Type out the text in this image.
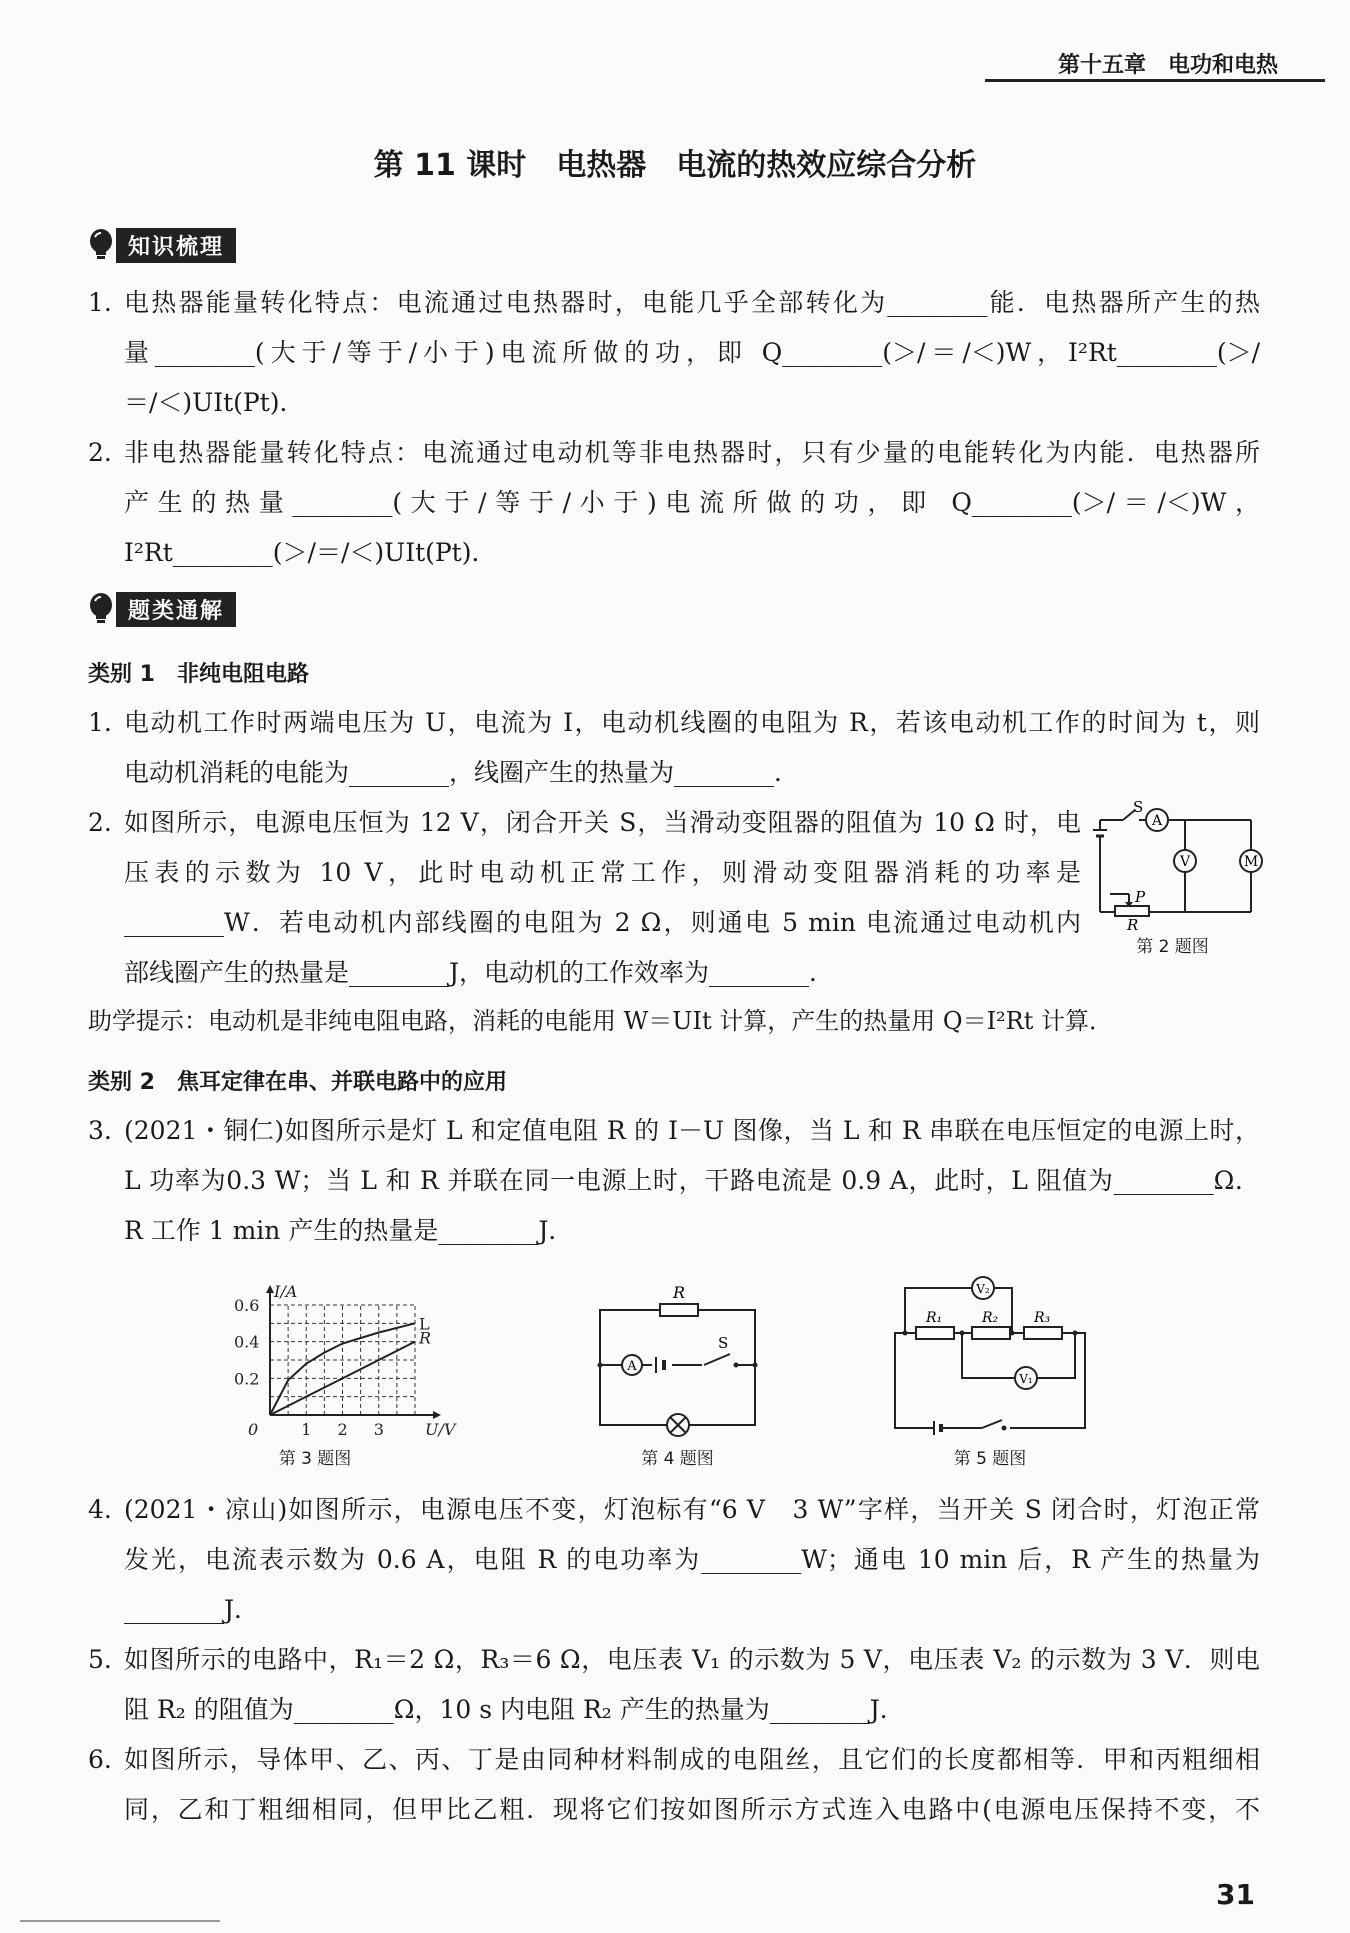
第十五章　电功和电热
第 11 课时　电热器　电流的热效应综合分析
知识梳理
1. 电热器能量转化特点：电流通过电热器时，电能几乎全部转化为________能．电热器所产生的热
量________(大于/等于/小于)电流所做的功，即 Q________(＞/＝/＜)W，I²Rt________(＞/
＝/＜)UIt(Pt)．
2. 非电热器能量转化特点：电流通过电动机等非电热器时，只有少量的电能转化为内能．电热器所
产生的热量________(大于/等于/小于)电流所做的功，即 Q________(＞/＝/＜)W，
I²Rt________(＞/＝/＜)UIt(Pt)．
题类通解
类别 1　非纯电阻电路
1. 电动机工作时两端电压为 U，电流为 I，电动机线圈的电阻为 R，若该电动机工作的时间为 t，则
电动机消耗的电能为________，线圈产生的热量为________．
2.
S
A
V	M
P
R
第 2 题图
如图所示，电源电压恒为 12 V，闭合开关 S，当滑动变阻器的阻值为 10 Ω 时，电
压表的示数为 10 V，此时电动机正常工作，则滑动变阻器消耗的功率是
________W．若电动机内部线圈的电阻为 2 Ω，则通电 5 min 电流通过电动机内
部线圈产生的热量是________J，电动机的工作效率为________．
助学提示：电动机是非纯电阻电路，消耗的电能用 W＝UIt 计算，产生的热量用 Q＝I²Rt 计算．
类别 2　焦耳定律在串、并联电路中的应用
3. (2021・铜仁)如图所示是灯 L 和定值电阻 R 的 I－U 图像，当 L 和 R 串联在电压恒定的电源上时，
L 功率为0.3 W；当 L 和 R 并联在同一电源上时，干路电流是 0.9 A，此时，L 阻值为________Ω．
R 工作 1 min 产生的热量是________J．
0.2
0.4
0.6
1 2 3
0
I/A
U/V
L
R
第 3 题图
R
A
S
第 4 题图
R₁	R₂	R₃
V₂
V₁
第 5 题图
4. (2021・凉山)如图所示，电源电压不变，灯泡标有“6 V　3 W”字样，当开关 S 闭合时，灯泡正常
发光，电流表示数为 0.6 A，电阻 R 的电功率为________W；通电 10 min 后，R 产生的热量为
________J．
5. 如图所示的电路中，R₁＝2 Ω，R₃＝6 Ω，电压表 V₁ 的示数为 5 V，电压表 V₂ 的示数为 3 V．则电
阻 R₂ 的阻值为________Ω，10 s 内电阻 R₂ 产生的热量为________J．
6. 如图所示，导体甲、乙、丙、丁是由同种材料制成的电阻丝，且它们的长度都相等．甲和丙粗细相
同，乙和丁粗细相同，但甲比乙粗．现将它们按如图所示方式连入电路中(电源电压保持不变，不
31
